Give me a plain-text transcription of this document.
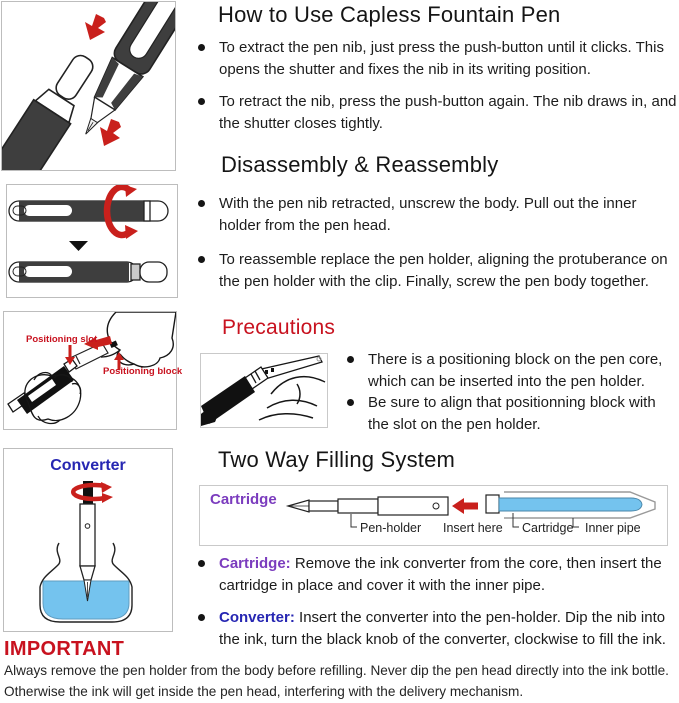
Positioning slot
Positioning block
Converter
How to Use Capless Fountain Pen
To extract the pen nib, just press the push-button until it clicks. This opens the shutter and fixes the nib in its writing position.
To retract the nib, press the push-button again. The nib draws in, and the shutter closes tightly.
Disassembly & Reassembly
With the pen nib retracted, unscrew the body. Pull out the inner holder from the pen head.
To reassemble replace the pen holder, aligning the protuberance on the pen holder with the clip. Finally, screw the pen body together.
Precautions
There is a positioning block on the pen core, which can be inserted into the pen holder.
Be sure to align that positionning block with the slot on the pen holder.
Two Way Filling System
Cartridge
Pen-holder Insert here Cartridge Inner pipe
Cartridge: Remove the ink converter from the core, then insert the cartridge in place and cover it with the inner pipe.
Converter: Insert the converter into the pen-holder. Dip the nib into the ink, turn the black knob of the converter, clockwise to fill the ink.
IMPORTANT
Always remove the pen holder from the body before refilling. Never dip the pen head directly into the ink bottle.
Otherwise the ink will get inside the pen head, interfering with the delivery mechanism.
